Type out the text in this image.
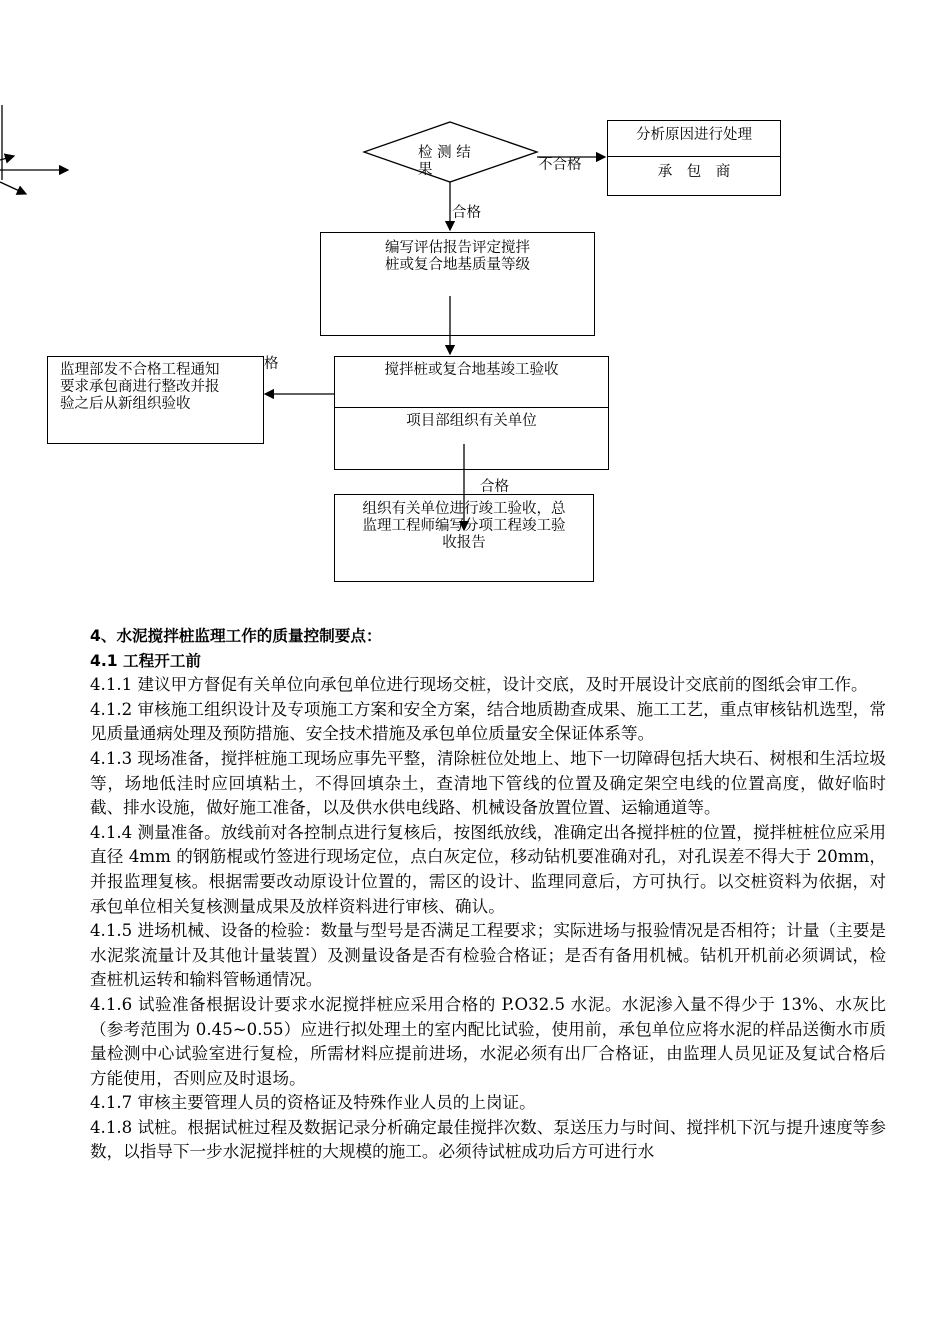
检 测 结
果
分析原因进行处理
承　包　商
不合格
合格
编写评估报告评定搅拌
桩或复合地基质量等级
搅拌桩或复合地基竣工验收
项目部组织有关单位
监理部发不合格工程通知
要求承包商进行整改并报
验之后从新组织验收
格
合格
组织有关单位进行竣工验收，总
监理工程师编写分项工程竣工验
收报告

4、水泥搅拌桩监理工作的质量控制要点：

4.1 工程开工前

4.1.1 建议甲方督促有关单位向承包单位进行现场交桩，设计交底，及时开展设计交底前的图纸会审工作。

4.1.2 审核施工组织设计及专项施工方案和安全方案，结合地质勘查成果、施工工艺，重点审核钻机选型，常见质量通病处理及预防措施、安全技术措施及承包单位质量安全保证体系等。

4.1.3 现场准备，搅拌桩施工现场应事先平整，清除桩位处地上、地下一切障碍包括大块石、树根和生活垃圾等，场地低洼时应回填粘土，不得回填杂土，查清地下管线的位置及确定架空电线的位置高度，做好临时截、排水设施，做好施工准备，以及供水供电线路、机械设备放置位置、运输通道等。

4.1.4 测量准备。放线前对各控制点进行复核后，按图纸放线，准确定出各搅拌桩的位置，搅拌桩桩位应采用直径 4mm 的钢筋棍或竹签进行现场定位，点白灰定位，移动钻机要准确对孔，对孔误差不得大于 20mm，并报监理复核。根据需要改动原设计位置的，需区的设计、监理同意后，方可执行。以交桩资料为依据，对承包单位相关复核测量成果及放样资料进行审核、确认。

4.1.5 进场机械、设备的检验：数量与型号是否满足工程要求；实际进场与报验情况是否相符；计量（主要是水泥浆流量计及其他计量装置）及测量设备是否有检验合格证；是否有备用机械。钻机开机前必须调试，检查桩机运转和输料管畅通情况。

4.1.6 试验准备根据设计要求水泥搅拌桩应采用合格的 P.O32.5 水泥。水泥渗入量不得少于 13%、水灰比（参考范围为 0.45~0.55）应进行拟处理土的室内配比试验，使用前，承包单位应将水泥的样品送衡水市质量检测中心试验室进行复检，所需材料应提前进场，水泥必须有出厂合格证，由监理人员见证及复试合格后方能使用，否则应及时退场。

4.1.7 审核主要管理人员的资格证及特殊作业人员的上岗证。

4.1.8 试桩。根据试桩过程及数据记录分析确定最佳搅拌次数、泵送压力与时间、搅拌机下沉与提升速度等参数，以指导下一步水泥搅拌桩的大规模的施工。必须待试桩成功后方可进行水
